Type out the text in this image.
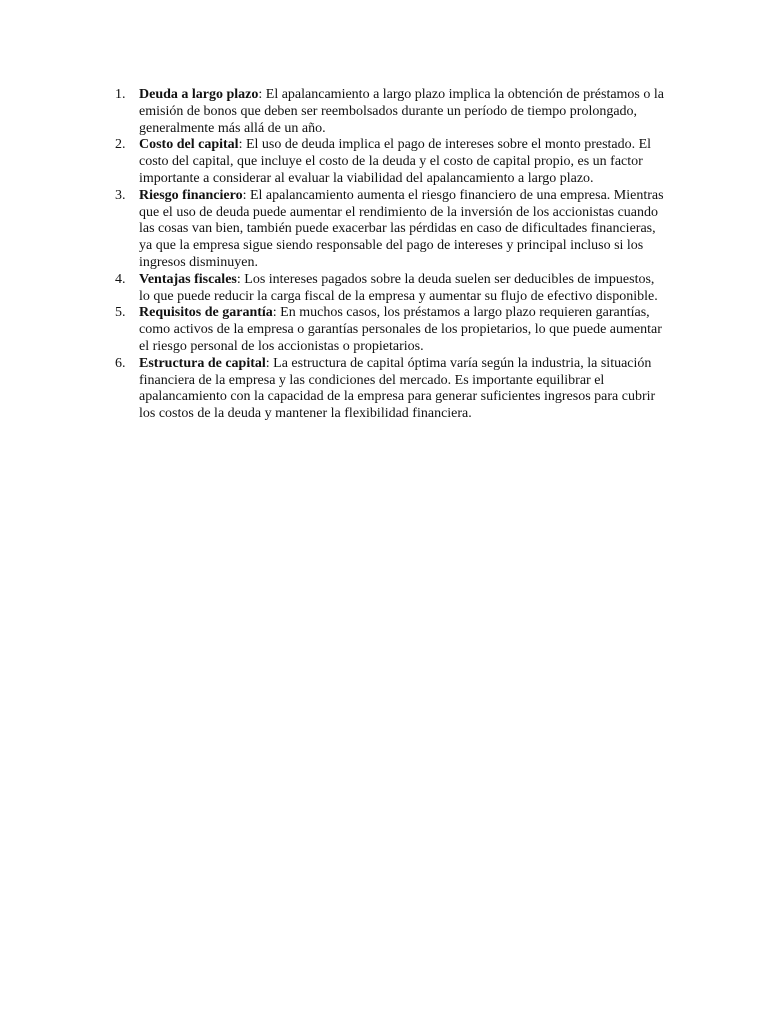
1. Deuda a largo plazo: El apalancamiento a largo plazo implica la obtención de préstamos o la emisión de bonos que deben ser reembolsados durante un período de tiempo prolongado, generalmente más allá de un año.
2. Costo del capital: El uso de deuda implica el pago de intereses sobre el monto prestado. El costo del capital, que incluye el costo de la deuda y el costo de capital propio, es un factor importante a considerar al evaluar la viabilidad del apalancamiento a largo plazo.
3. Riesgo financiero: El apalancamiento aumenta el riesgo financiero de una empresa. Mientras que el uso de deuda puede aumentar el rendimiento de la inversión de los accionistas cuando las cosas van bien, también puede exacerbar las pérdidas en caso de dificultades financieras, ya que la empresa sigue siendo responsable del pago de intereses y principal incluso si los ingresos disminuyen.
4. Ventajas fiscales: Los intereses pagados sobre la deuda suelen ser deducibles de impuestos, lo que puede reducir la carga fiscal de la empresa y aumentar su flujo de efectivo disponible.
5. Requisitos de garantía: En muchos casos, los préstamos a largo plazo requieren garantías, como activos de la empresa o garantías personales de los propietarios, lo que puede aumentar el riesgo personal de los accionistas o propietarios.
6. Estructura de capital: La estructura de capital óptima varía según la industria, la situación financiera de la empresa y las condiciones del mercado. Es importante equilibrar el apalancamiento con la capacidad de la empresa para generar suficientes ingresos para cubrir los costos de la deuda y mantener la flexibilidad financiera.
